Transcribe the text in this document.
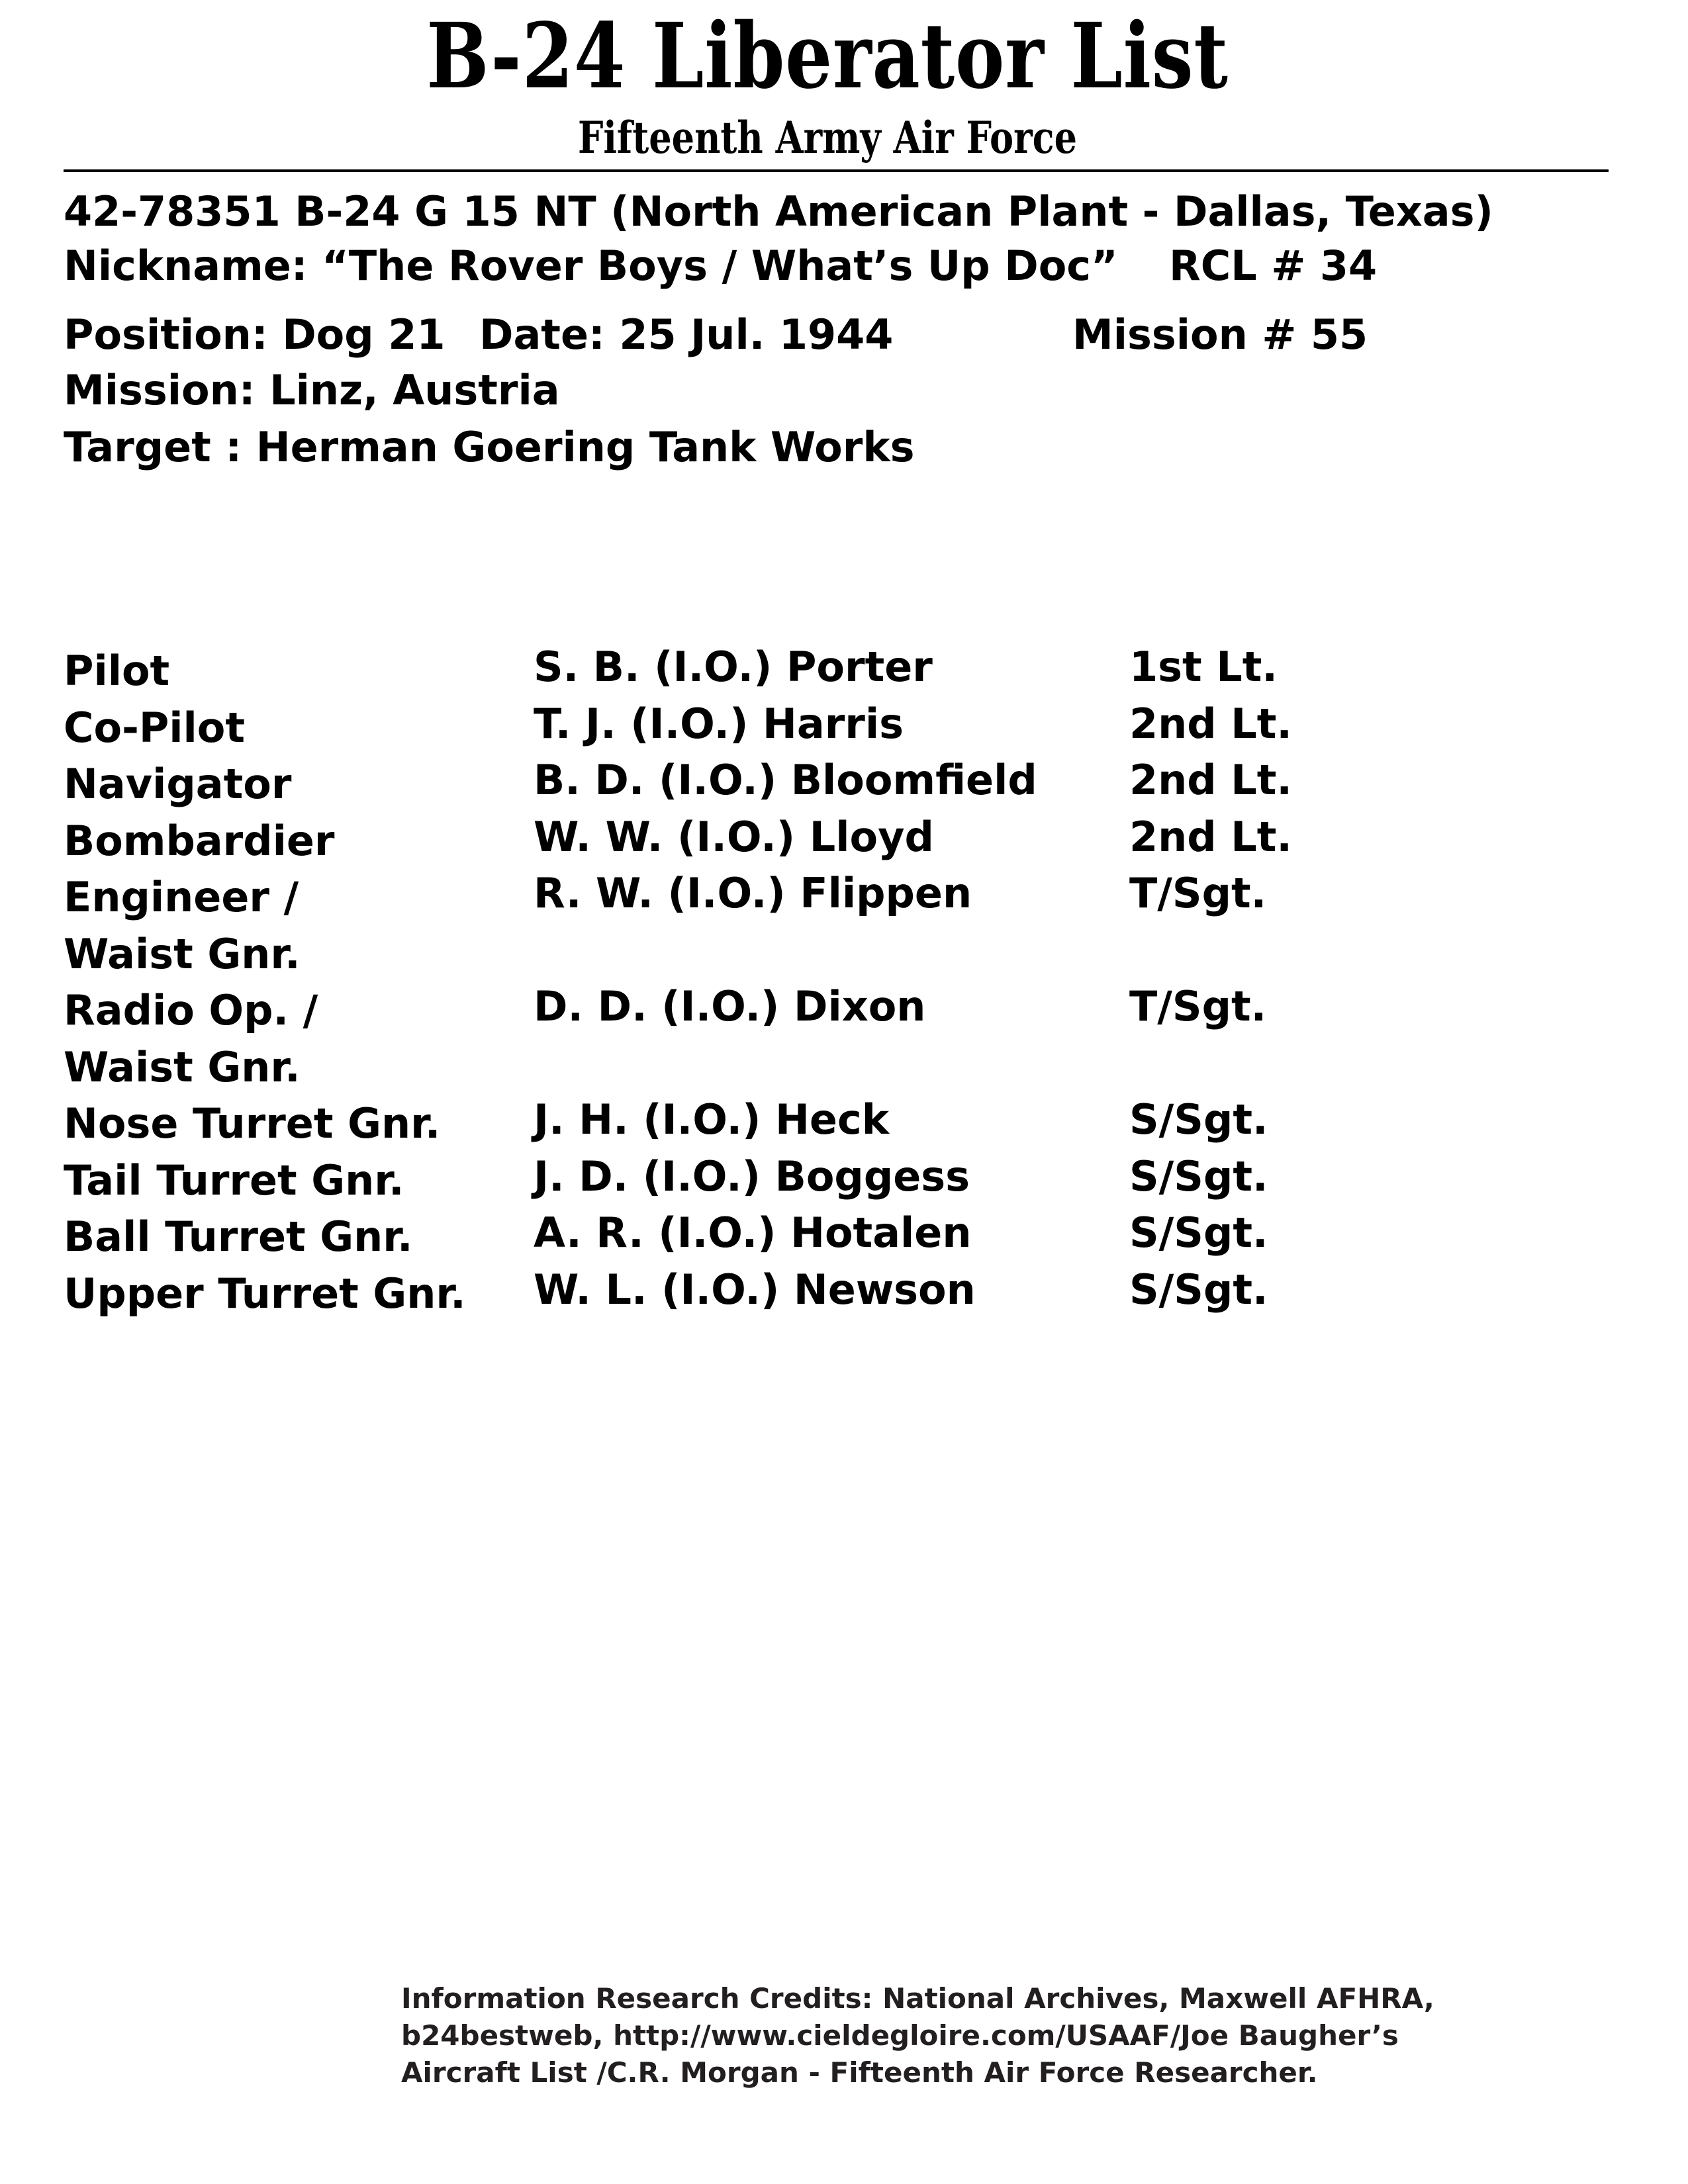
B-24 Liberator List
Fifteenth Army Air Force
42-78351 B-24 G 15 NT (North American Plant - Dallas, Texas)
Nickname: “The Rover Boys / What’s Up Doc” RCL # 34
Position: Dog 21 Date: 25 Jul. 1944	Mission # 55
Mission: Linz, Austria
Target : Herman Goering Tank Works
Pilot	S. B. (I.O.) Porter	1st Lt.
Co-Pilot	T. J. (I.O.) Harris	2nd Lt.
Navigator	B. D. (I.O.) Bloomfield 2nd Lt.
Bombardier	W. W. (I.O.) Lloyd	2nd Lt.
Engineer /
Waist Gnr.
R. W. (I.O.) Flippen	T/Sgt.
Radio Op. /
Waist Gnr.
D. D. (I.O.) Dixon	T/Sgt.
Nose Turret Gnr. J. H. (I.O.) Heck	S/Sgt.
Tail Turret Gnr.	J. D. (I.O.) Boggess	S/Sgt.
Ball Turret Gnr.	A. R. (I.O.) Hotalen	S/Sgt.
Upper Turret Gnr. W. L. (I.O.) Newson	S/Sgt.
Information Research Credits: National Archives, Maxwell AFHRA,
b24bestweb, http://www.cieldegloire.com/USAAF/Joe Baugher’s
Aircraft List /C.R. Morgan - Fifteenth Air Force Researcher.
